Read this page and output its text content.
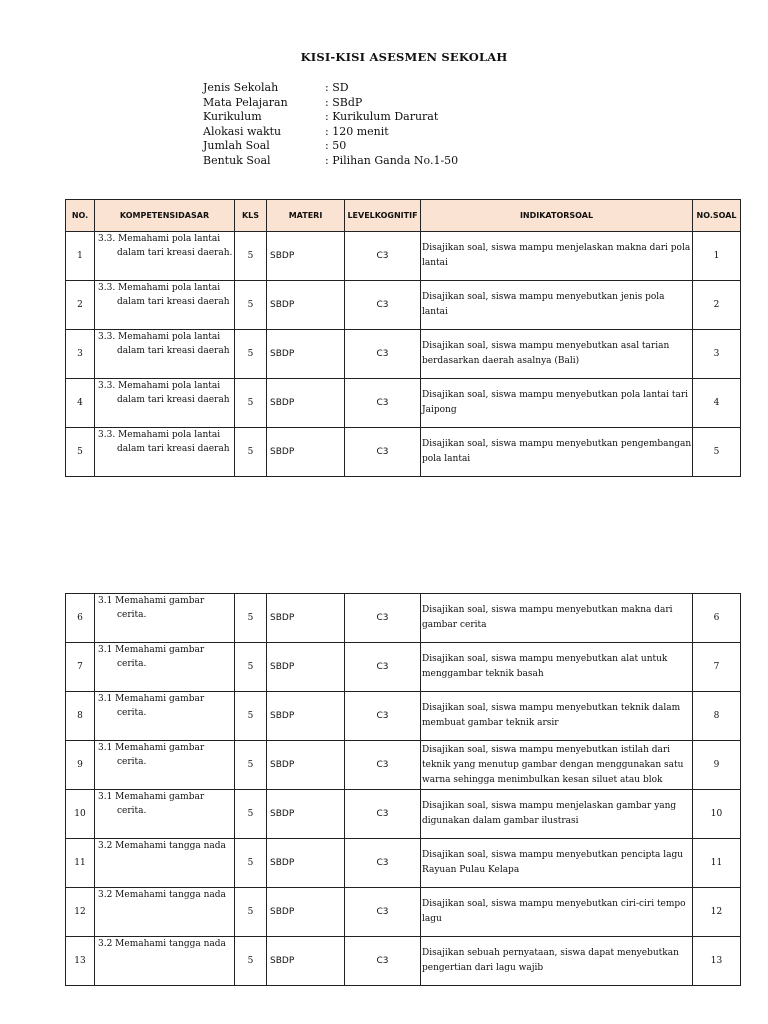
KISI-KISI ASESMEN SEKOLAH
Jenis Sekolah	: SD
Mata Pelajaran	: SBdP
Kurikulum	: Kurikulum Darurat
Alokasi waktu	: 120 menit
Jumlah Soal	: 50
Bentuk Soal	: Pilihan Ganda No.1-50
NO.	KOMPETENSIDASAR	KLS	MATERI	LEVELKOGNITIF	INDIKATORSOAL	NO.SOAL
1	3.3. Memahami pola lantai dalam tari kreasi daerah.	5	SBDP	C3	Disajikan soal, siswa mampu menjelaskan makna dari pola lantai	1
2	3.3. Memahami pola lantai dalam tari kreasi daerah	5	SBDP	C3	Disajikan soal, siswa mampu menyebutkan jenis pola lantai	2
3	3.3. Memahami pola lantai dalam tari kreasi daerah	5	SBDP	C3	Disajikan soal, siswa mampu menyebutkan asal tarian berdasarkan daerah asalnya (Bali)	3
4	3.3. Memahami pola lantai dalam tari kreasi daerah	5	SBDP	C3	Disajikan soal, siswa mampu menyebutkan pola lantai tari Jaipong	4
5	3.3. Memahami pola lantai dalam tari kreasi daerah	5	SBDP	C3	Disajikan soal, siswa mampu menyebutkan pengembangan pola lantai	5
6	3.1 Memahami gambar cerita.	5	SBDP	C3	Disajikan soal, siswa mampu menyebutkan makna dari gambar cerita	6
7	3.1 Memahami gambar cerita.	5	SBDP	C3	Disajikan soal, siswa mampu menyebutkan alat untuk menggambar teknik basah	7
8	3.1 Memahami gambar cerita.	5	SBDP	C3	Disajikan soal, siswa mampu menyebutkan teknik dalam membuat gambar teknik arsir	8
9	3.1 Memahami gambar cerita.	5	SBDP	C3	Disajikan soal, siswa mampu menyebutkan istilah dari teknik yang menutup gambar dengan menggunakan satu warna sehingga menimbulkan kesan siluet atau blok	9
10	3.1 Memahami gambar cerita.	5	SBDP	C3	Disajikan soal, siswa mampu menjelaskan gambar yang digunakan dalam gambar ilustrasi	10
11	3.2 Memahami tangga nada	5	SBDP	C3	Disajikan soal, siswa mampu menyebutkan pencipta lagu Rayuan Pulau Kelapa	11
12	3.2 Memahami tangga nada	5	SBDP	C3	Disajikan soal, siswa mampu menyebutkan ciri-ciri tempo lagu	12
13	3.2 Memahami tangga nada	5	SBDP	C3	Disajikan sebuah pernyataan, siswa dapat menyebutkan pengertian dari lagu wajib	13
